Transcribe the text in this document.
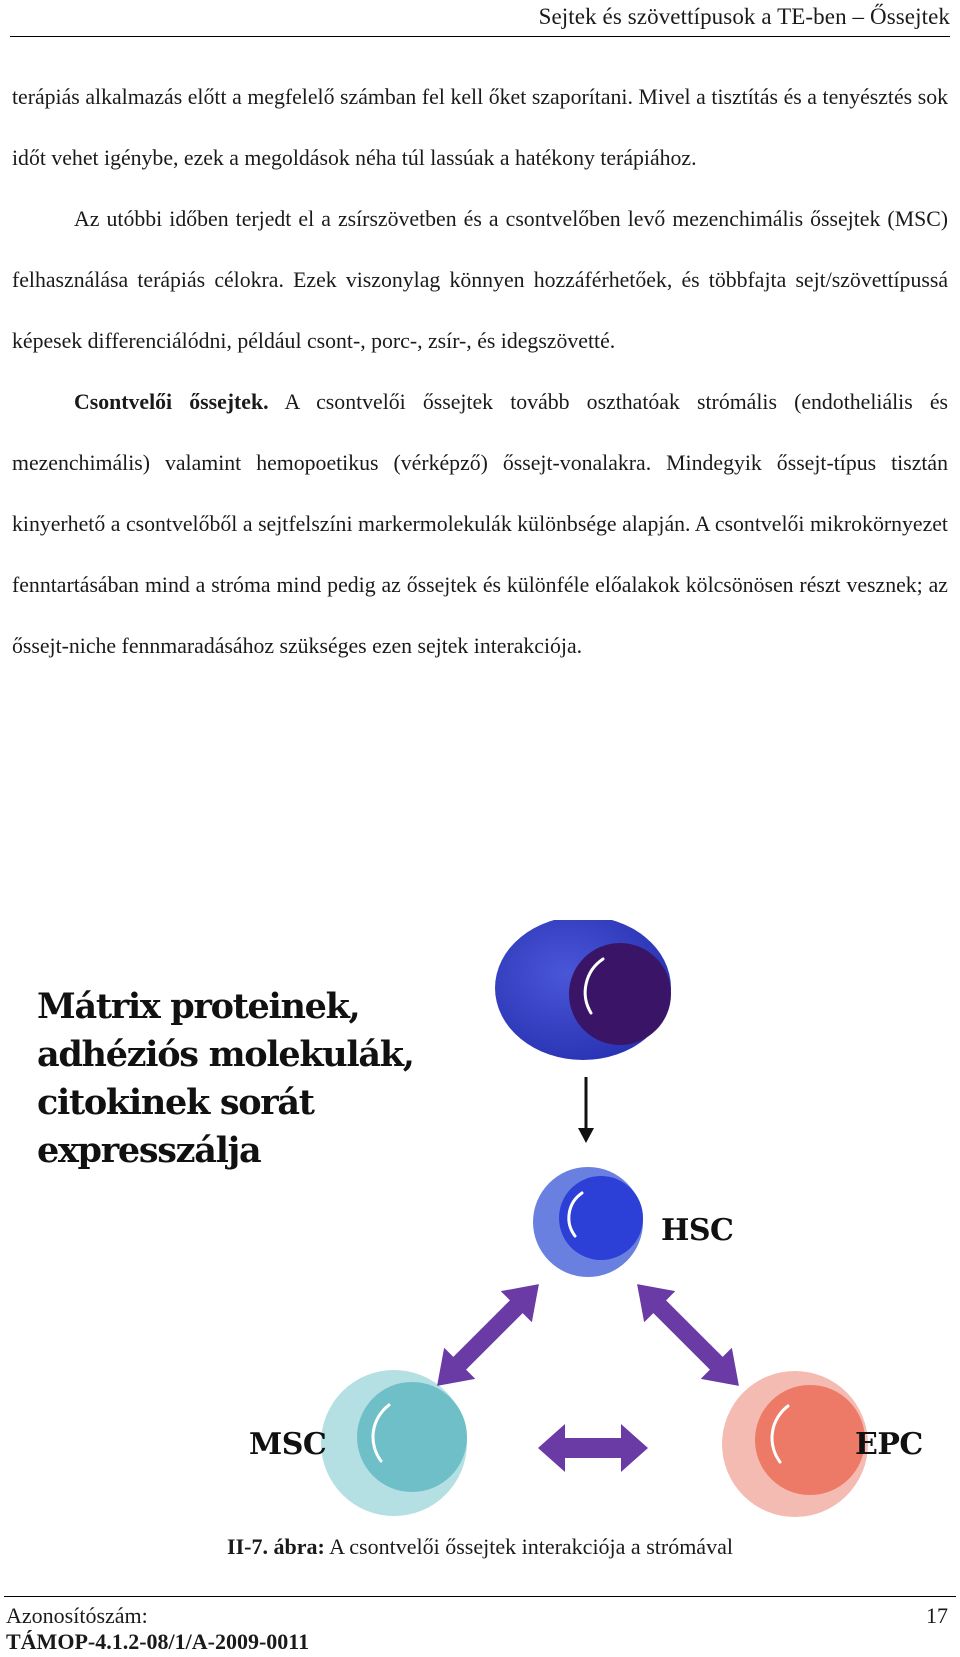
Sejtek és szövettípusok a TE-ben – Őssejtek

terápiás alkalmazás előtt a megfelelő számban fel kell őket szaporítani. Mivel a tisztítás és a tenyésztés sok időt vehet igénybe, ezek a megoldások néha túl lassúak a hatékony terápiához.

Az utóbbi időben terjedt el a zsírszövetben és a csontvelőben levő mezenchimális őssejtek (MSC) felhasználása terápiás célokra. Ezek viszonylag könnyen hozzáférhetőek, és többfajta sejt/szövettípussá képesek differenciálódni, például csont-, porc-, zsír-, és idegszövetté.

Csontvelői őssejtek. A csontvelői őssejtek tovább oszthatóak strómális (endotheliális és mezenchimális) valamint hemopoetikus (vérképző) őssejt-vonalakra. Mindegyik őssejt-típus tisztán kinyerhető a csontvelőből a sejtfelszíni markermolekulák különbsége alapján. A csontvelői mikrokörnyezet fenntartásában mind a stróma mind pedig az őssejtek és különféle előalakok kölcsönösen részt vesznek; az őssejt-niche fennmaradásához szükséges ezen sejtek interakciója.

Mátrix proteinek,
adhéziós molekulák,
citokinek sorát
expresszálja
HSC
MSC	EPC
II-7. ábra: A csontvelői őssejtek interakciója a strómával
Azonosítószám:
TÁMOP-4.1.2-08/1/A-2009-0011
17
